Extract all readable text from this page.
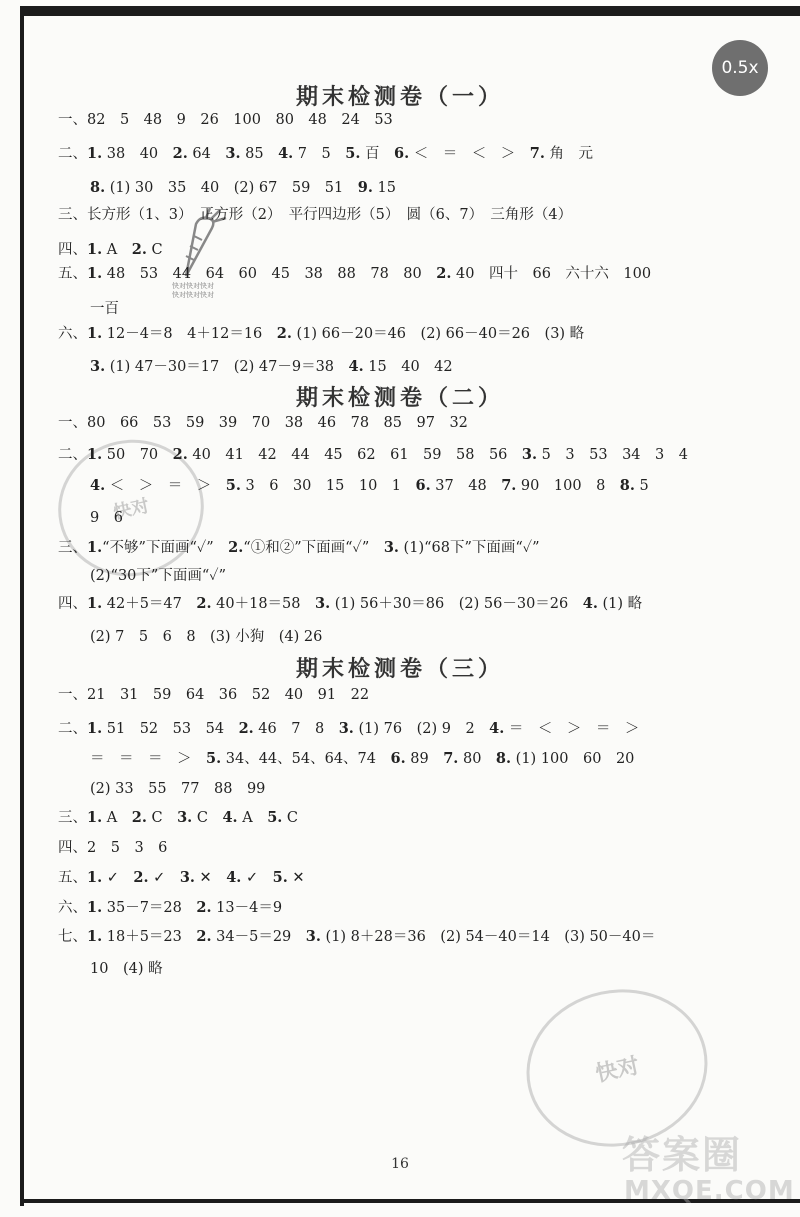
快对快对快对
快对快对快对
快对
快对
答案圈
MXQE.COM
0.5x
期末检测卷（一）
一、82　5　48　9　26　100　80　48　24　53
二、1. 38　40　2. 64　3. 85　4. 7　5　5. 百　6. ＜　＝　＜　＞　7. 角　元
8. (1) 30　35　40　(2) 67　59　51　9. 15
三、长方形（1、3）　正方形（2）　平行四边形（5）　圆（6、7）　三角形（4）
四、1. A　2. C
五、1. 48　53　44　64　60　45　38　88　78　80　2. 40　四十　66　六十六　100
一百
六、1. 12－4＝8　4＋12＝16　2. (1) 66－20＝46　(2) 66－40＝26　(3) 略
3. (1) 47－30＝17　(2) 47－9＝38　4. 15　40　42
期末检测卷（二）
一、80　66　53　59　39　70　38　46　78　85　97　32
二、1. 50　70　2. 40　41　42　44　45　62　61　59　58　56　3. 5　3　53　34　3　4
4. ＜　＞　＝　＞　5. 3　6　30　15　10　1　6. 37　48　7. 90　100　8　8. 5
9　6
三、1.“不够”下面画“✓”　2.“①和②”下面画“✓”　3. (1)“68下”下面画“✓”
(2)“30下”下面画“✓”
四、1. 42＋5＝47　2. 40＋18＝58　3. (1) 56＋30＝86　(2) 56－30＝26　4. (1) 略
(2) 7　5　6　8　(3) 小狗　(4) 26
期末检测卷（三）
一、21　31　59　64　36　52　40　91　22
二、1. 51　52　53　54　2. 46　7　8　3. (1) 76　(2) 9　2　4. ＝　＜　＞　＝　＞
＝　＝　＝　＞　5. 34、44、54、64、74　6. 89　7. 80　8. (1) 100　60　20
(2) 33　55　77　88　99
三、1. A　2. C　3. C　4. A　5. C
四、2　5　3　6
五、1. ✓　2. ✓　3. ✕　4. ✓　5. ✕
六、1. 35－7＝28　2. 13－4＝9
七、1. 18＋5＝23　2. 34－5＝29　3. (1) 8＋28＝36　(2) 54－40＝14　(3) 50－40＝
10　(4) 略
16
